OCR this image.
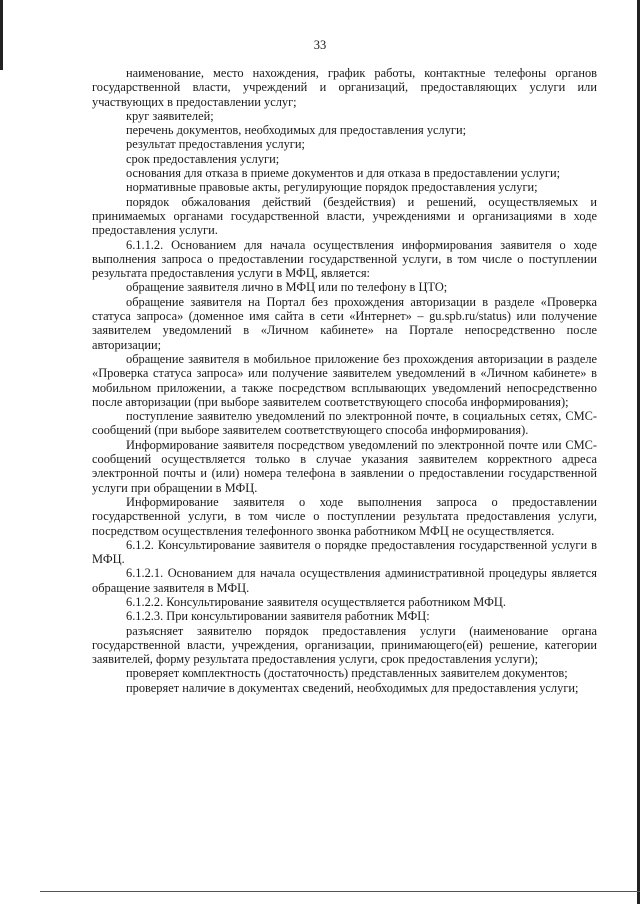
33

наименование, место нахождения, график работы, контактные телефоны органов государственной власти, учреждений и организаций, предоставляющих услуги или участвующих в предоставлении услуг;

круг заявителей;

перечень документов, необходимых для предоставления услуги;

результат предоставления услуги;

срок предоставления услуги;

основания для отказа в приеме документов и для отказа в предоставлении услуги;

нормативные правовые акты, регулирующие порядок предоставления услуги;

порядок обжалования действий (бездействия) и решений, осуществляемых и принимаемых органами государственной власти, учреждениями и организациями в ходе предоставления услуги.

6.1.1.2. Основанием для начала осуществления информирования заявителя о ходе выполнения запроса о предоставлении государственной услуги, в том числе о поступлении результата предоставления услуги в МФЦ, является:

обращение заявителя лично в МФЦ или по телефону в ЦТО;

обращение заявителя на Портал без прохождения авторизации в разделе «Проверка статуса запроса» (доменное имя сайта в сети «Интернет» – gu.spb.ru/status) или получение заявителем уведомлений в «Личном кабинете» на Портале непосредственно после авторизации;

обращение заявителя в мобильное приложение без прохождения авторизации в разделе «Проверка статуса запроса» или получение заявителем уведомлений в «Личном кабинете» в мобильном приложении, а также посредством всплывающих уведомлений непосредственно после авторизации (при выборе заявителем соответствующего способа информирования);

поступление заявителю уведомлений по электронной почте, в социальных сетях, СМС-сообщений (при выборе заявителем соответствующего способа информирования).

Информирование заявителя посредством уведомлений по электронной почте или СМС-сообщений осуществляется только в случае указания заявителем корректного адреса электронной почты и (или) номера телефона в заявлении о предоставлении государственной услуги при обращении в МФЦ.

Информирование заявителя о ходе выполнения запроса о предоставлении государственной услуги, в том числе о поступлении результата предоставления услуги, посредством осуществления телефонного звонка работником МФЦ не осуществляется.

6.1.2. Консультирование заявителя о порядке предоставления государственной услуги в МФЦ.

6.1.2.1. Основанием для начала осуществления административной процедуры является обращение заявителя в МФЦ.

6.1.2.2. Консультирование заявителя осуществляется работником МФЦ.

6.1.2.3. При консультировании заявителя работник МФЦ:

разъясняет заявителю порядок предоставления услуги (наименование органа государственной власти, учреждения, организации, принимающего(ей) решение, категории заявителей, форму результата предоставления услуги, срок предоставления услуги);

проверяет комплектность (достаточность) представленных заявителем документов;

проверяет наличие в документах сведений, необходимых для предоставления услуги;
